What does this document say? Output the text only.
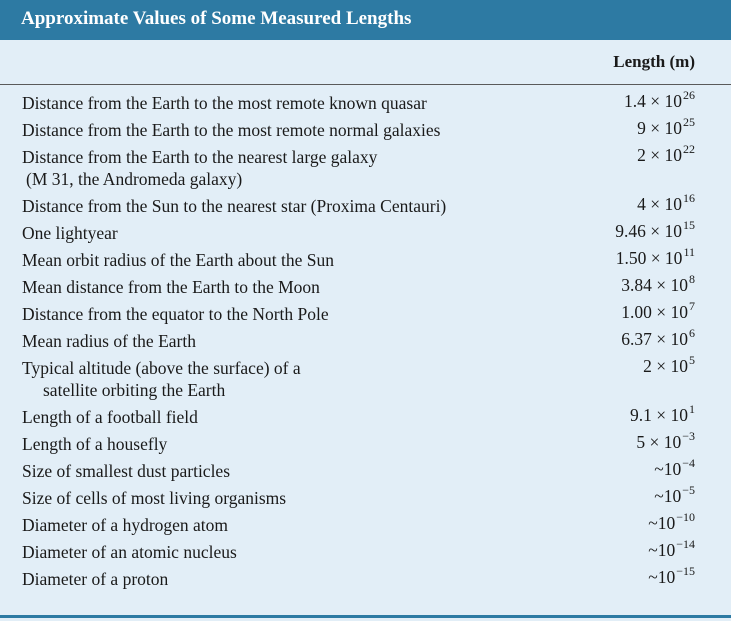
Approximate Values of Some Measured Lengths
Length (m)
Distance from the Earth to the most remote known quasar	$1.4 \times 10^{26}$
Distance from the Earth to the most remote normal galaxies	$9 \times 10^{25}$
Distance from the Earth to the nearest large galaxy
(M 31, the Andromeda galaxy)
$2 \times 10^{22}$
Distance from the Sun to the nearest star (Proxima Centauri)	$4 \times 10^{16}$
One lightyear	$9.46 \times 10^{15}$
Mean orbit radius of the Earth about the Sun	$1.50 \times 10^{11}$
Mean distance from the Earth to the Moon	$3.84 \times 10^8$
Distance from the equator to the North Pole	$1.00 \times 10^7$
Mean radius of the Earth	$6.37 \times 10^6$
Typical altitude (above the surface) of a
satellite orbiting the Earth
$2 \times 10^5$
Length of a football field	$9.1 \times 10^1$
Length of a housefly	$5 \times 10^{-3}$
Size of smallest dust particles	$\sim 10^{-4}$
Size of cells of most living organisms	$\sim 10^{-5}$
Diameter of a hydrogen atom	$\sim 10^{-10}$
Diameter of an atomic nucleus	$\sim 10^{-14}$
Diameter of a proton	$\sim 10^{-15}$
